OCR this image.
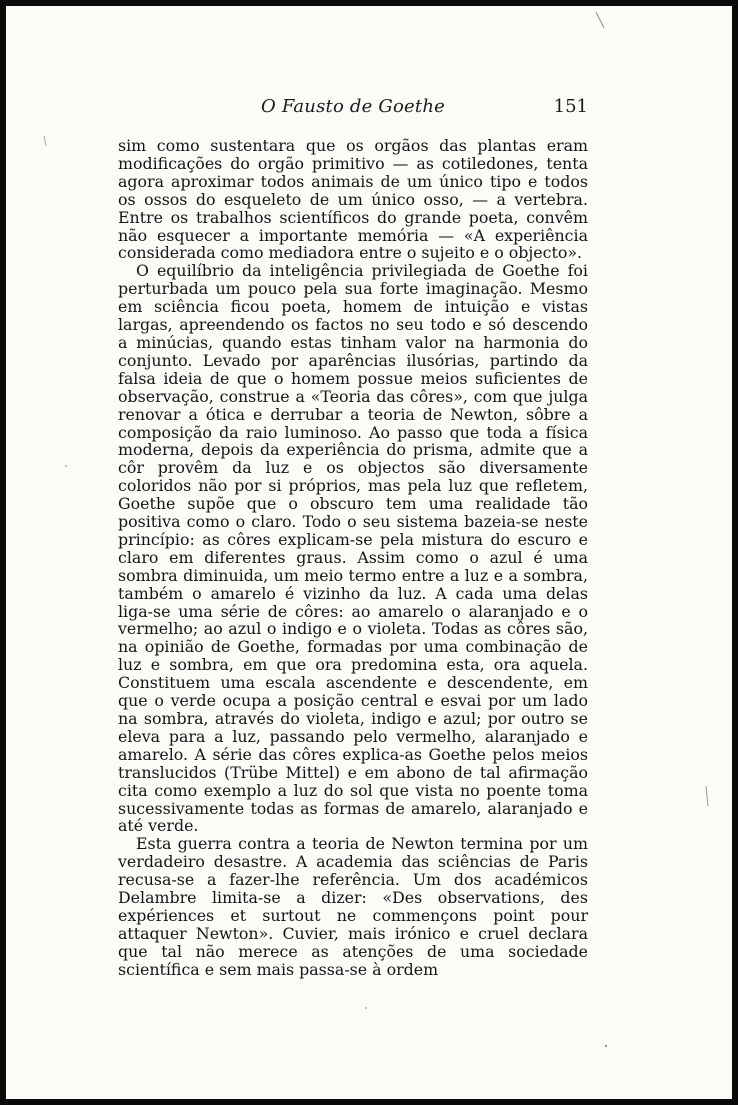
O Fausto de Goethe	151

sim como sustentara que os orgãos das plantas eram modificações do orgão primitivo — as cotiledones, tenta agora aproximar todos animais de um único tipo e todos os ossos do esqueleto de um único osso, — a vertebra. Entre os trabalhos scientíficos do grande poeta, convêm não esquecer a importante memória — «A experiência considerada como mediadora entre o sujeito e o objecto».

O equilíbrio da inteligência privilegiada de Goethe foi perturbada um pouco pela sua forte imaginação. Mesmo em sciência ficou poeta, homem de intuição e vistas largas, apreendendo os factos no seu todo e só descendo a minúcias, quando estas tinham valor na harmonia do conjunto. Levado por aparências ilusórias, partindo da falsa ideia de que o homem possue meios suficientes de observação, construe a «Teoria das côres», com que julga renovar a ótica e derrubar a teoria de Newton, sôbre a composição da raio luminoso. Ao passo que toda a física moderna, depois da experiência do prisma, admite que a côr provêm da luz e os objectos são diversamente coloridos não por si próprios, mas pela luz que refletem, Goethe supõe que o obscuro tem uma realidade tão positiva como o claro. Todo o seu sistema bazeia-se neste princípio: as côres explicam-se pela mistura do escuro e claro em diferentes graus. Assim como o azul é uma sombra diminuida, um meio termo entre a luz e a sombra, também o amarelo é vizinho da luz. A cada uma delas liga-se uma série de côres: ao amarelo o alaranjado e o vermelho; ao azul o indigo e o violeta. Todas as côres são, na opinião de Goethe, formadas por uma combinação de luz e sombra, em que ora predomina esta, ora aquela. Constituem uma escala ascendente e descendente, em que o verde ocupa a posição central e esvai por um lado na sombra, através do violeta, indigo e azul; por outro se eleva para a luz, passando pelo vermelho, alaranjado e amarelo. A série das côres explica-as Goethe pelos meios translucidos (Trübe Mittel) e em abono de tal afirmação cita como exemplo a luz do sol que vista no poente toma sucessivamente todas as formas de amarelo, alaranjado e até verde.

Esta guerra contra a teoria de Newton termina por um verdadeiro desastre. A academia das sciências de Paris recusa-se a fazer-lhe referência. Um dos académicos Delambre limita-se a dizer: «Des observations, des expériences et surtout ne commençons point pour attaquer Newton». Cuvier, mais irónico e cruel declara que tal não merece as atenções de uma sociedade scientífica e sem mais passa-se à ordem
